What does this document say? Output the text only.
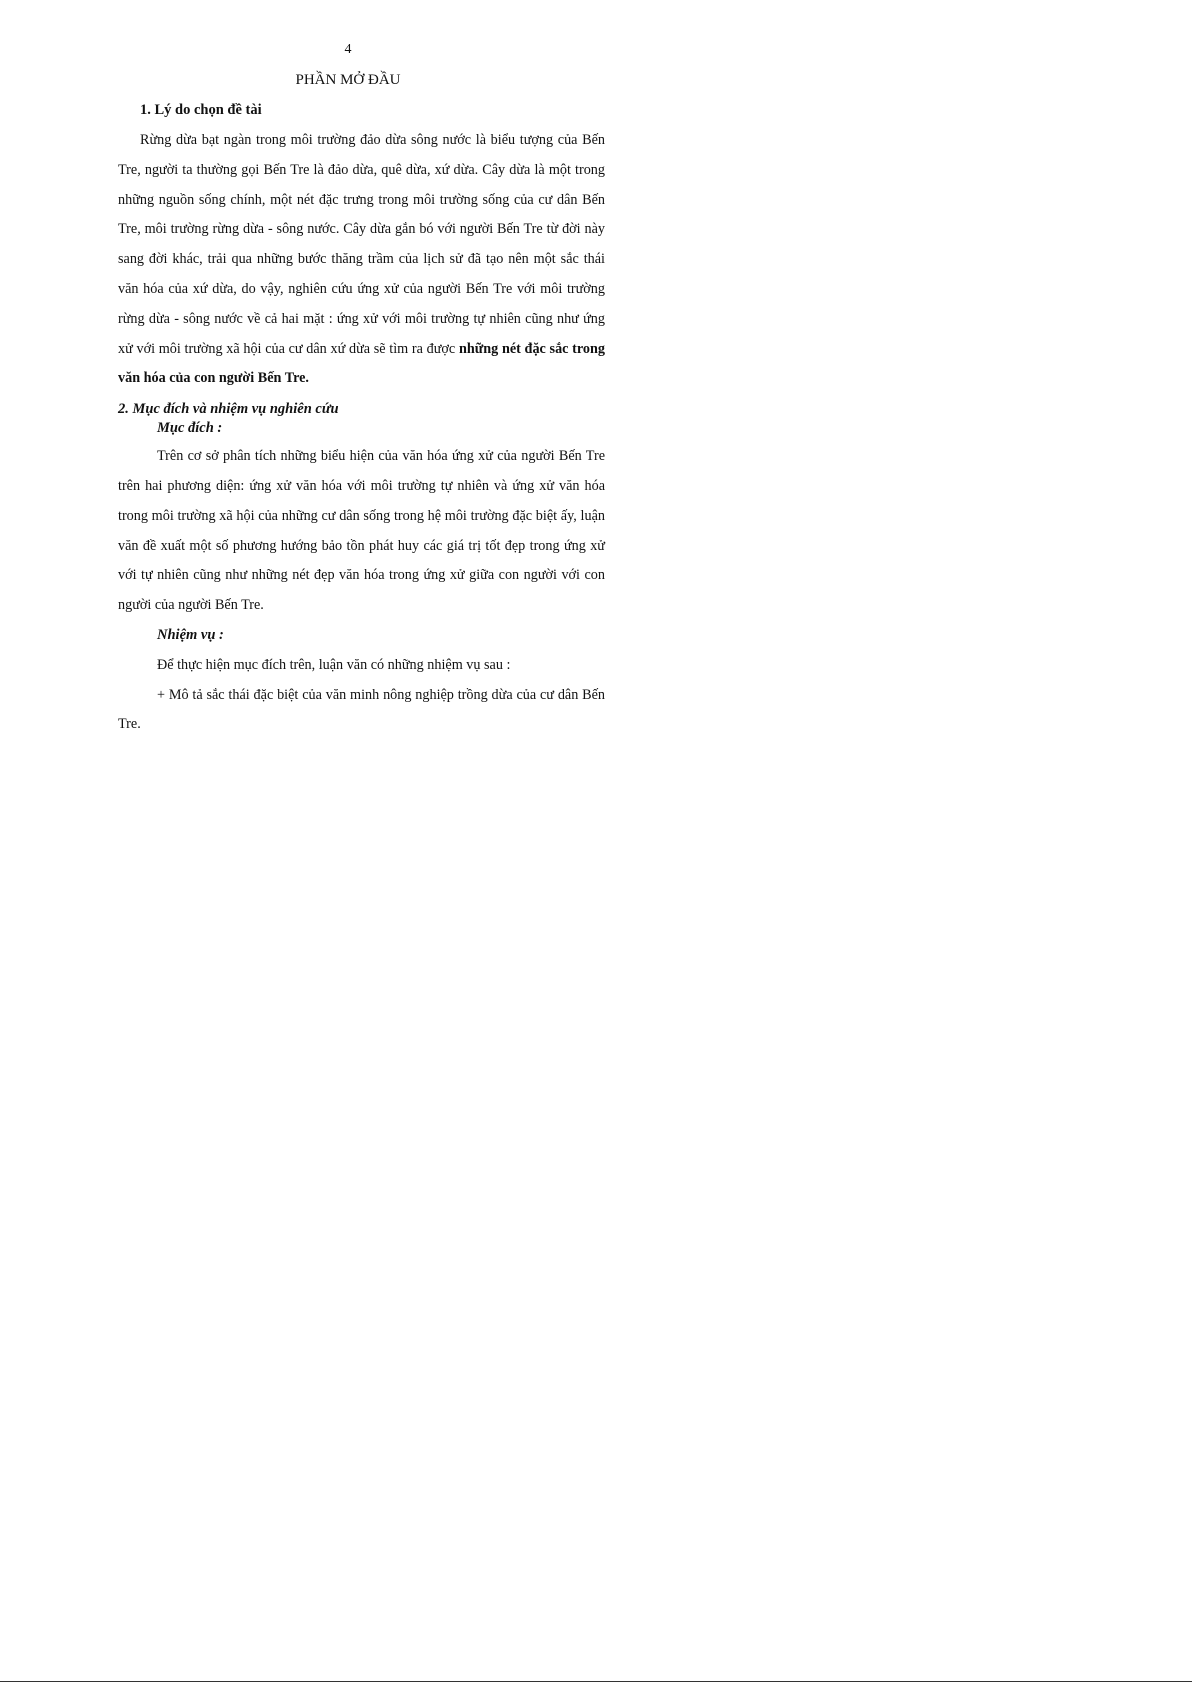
4
PHẦN MỞ ĐẦU
1. Lý do chọn đề tài

Rừng dừa bạt ngàn trong môi trường đảo dừa sông nước là biểu tượng của Bến Tre, người ta thường gọi Bến Tre là đảo dừa, quê dừa, xứ dừa. Cây dừa là một trong những nguồn sống chính, một nét đặc trưng trong môi trường sống của cư dân Bến Tre, môi trường rừng dừa - sông nước. Cây dừa gắn bó với người Bến Tre từ đời này sang đời khác, trải qua những bước thăng trầm của lịch sử đã tạo nên một sắc thái văn hóa của xứ dừa, do vậy, nghiên cứu ứng xử của người Bến Tre với môi trường rừng dừa - sông nước về cả hai mặt : ứng xử với môi trường tự nhiên cũng như ứng xử với môi trường xã hội của cư dân xứ dừa sẽ tìm ra được những nét đặc sắc trong văn hóa của con người Bến Tre.

2. Mục đích và nhiệm vụ nghiên cứu
Mục đích :

Trên cơ sở phân tích những biểu hiện của văn hóa ứng xử của người Bến Tre trên hai phương diện: ứng xử văn hóa với môi trường tự nhiên và ứng xử văn hóa trong môi trường xã hội của những cư dân sống trong hệ môi trường đặc biệt ấy, luận văn đề xuất một số phương hướng bảo tồn phát huy các giá trị tốt đẹp trong ứng xử với tự nhiên cũng như những nét đẹp văn hóa trong ứng xử giữa con người với con người của người Bến Tre.

Nhiệm vụ :

Để thực hiện mục đích trên, luận văn có những nhiệm vụ sau :

+ Mô tả sắc thái đặc biệt của văn minh nông nghiệp trồng dừa của cư dân Bến Tre.
